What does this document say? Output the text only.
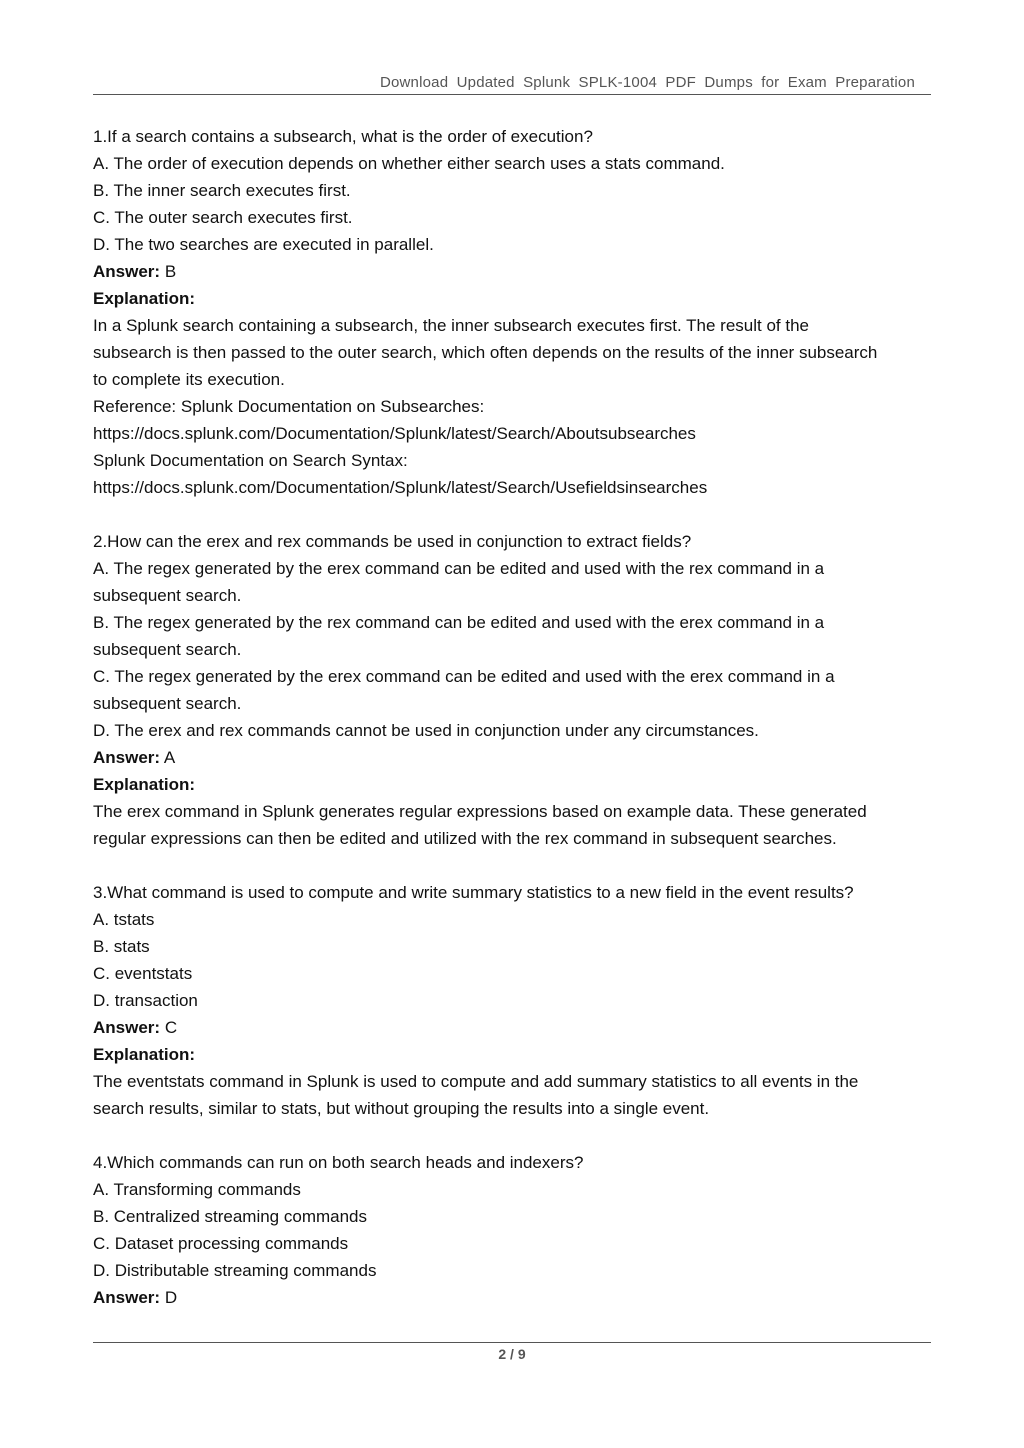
Download Updated Splunk SPLK-1004 PDF Dumps for Exam Preparation

1.If a search contains a subsearch, what is the order of execution?

A. The order of execution depends on whether either search uses a stats command.

B. The inner search executes first.

C. The outer search executes first.

D. The two searches are executed in parallel.

Answer: B

Explanation:

In a Splunk search containing a subsearch, the inner subsearch executes first. The result of the

subsearch is then passed to the outer search, which often depends on the results of the inner subsearch

to complete its execution.

Reference: Splunk Documentation on Subsearches:

https://docs.splunk.com/Documentation/Splunk/latest/Search/Aboutsubsearches

Splunk Documentation on Search Syntax:

https://docs.splunk.com/Documentation/Splunk/latest/Search/Usefieldsinsearches

2.How can the erex and rex commands be used in conjunction to extract fields?

A. The regex generated by the erex command can be edited and used with the rex command in a

subsequent search.

B. The regex generated by the rex command can be edited and used with the erex command in a

subsequent search.

C. The regex generated by the erex command can be edited and used with the erex command in a

subsequent search.

D. The erex and rex commands cannot be used in conjunction under any circumstances.

Answer: A

Explanation:

The erex command in Splunk generates regular expressions based on example data. These generated

regular expressions can then be edited and utilized with the rex command in subsequent searches.

3.What command is used to compute and write summary statistics to a new field in the event results?

A. tstats

B. stats

C. eventstats

D. transaction

Answer: C

Explanation:

The eventstats command in Splunk is used to compute and add summary statistics to all events in the

search results, similar to stats, but without grouping the results into a single event.

4.Which commands can run on both search heads and indexers?

A. Transforming commands

B. Centralized streaming commands

C. Dataset processing commands

D. Distributable streaming commands

Answer: D

2 / 9
